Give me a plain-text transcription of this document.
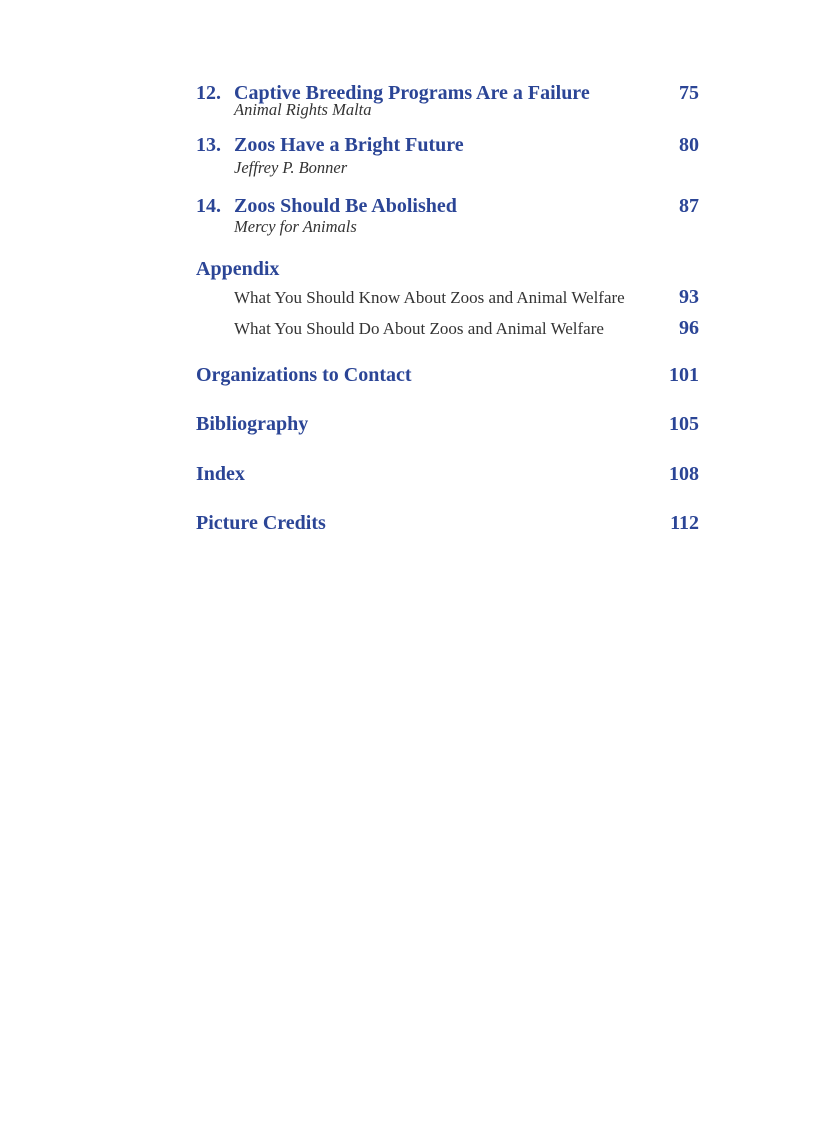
12. Captive Breeding Programs Are a Failure	75
Animal Rights Malta
13. Zoos Have a Bright Future	80
Jeffrey P. Bonner
14. Zoos Should Be Abolished	87
Mercy for Animals
Appendix
What You Should Know About Zoos and Animal Welfare	93
What You Should Do About Zoos and Animal Welfare	96
Organizations to Contact	101
Bibliography	105
Index	108
Picture Credits	112
